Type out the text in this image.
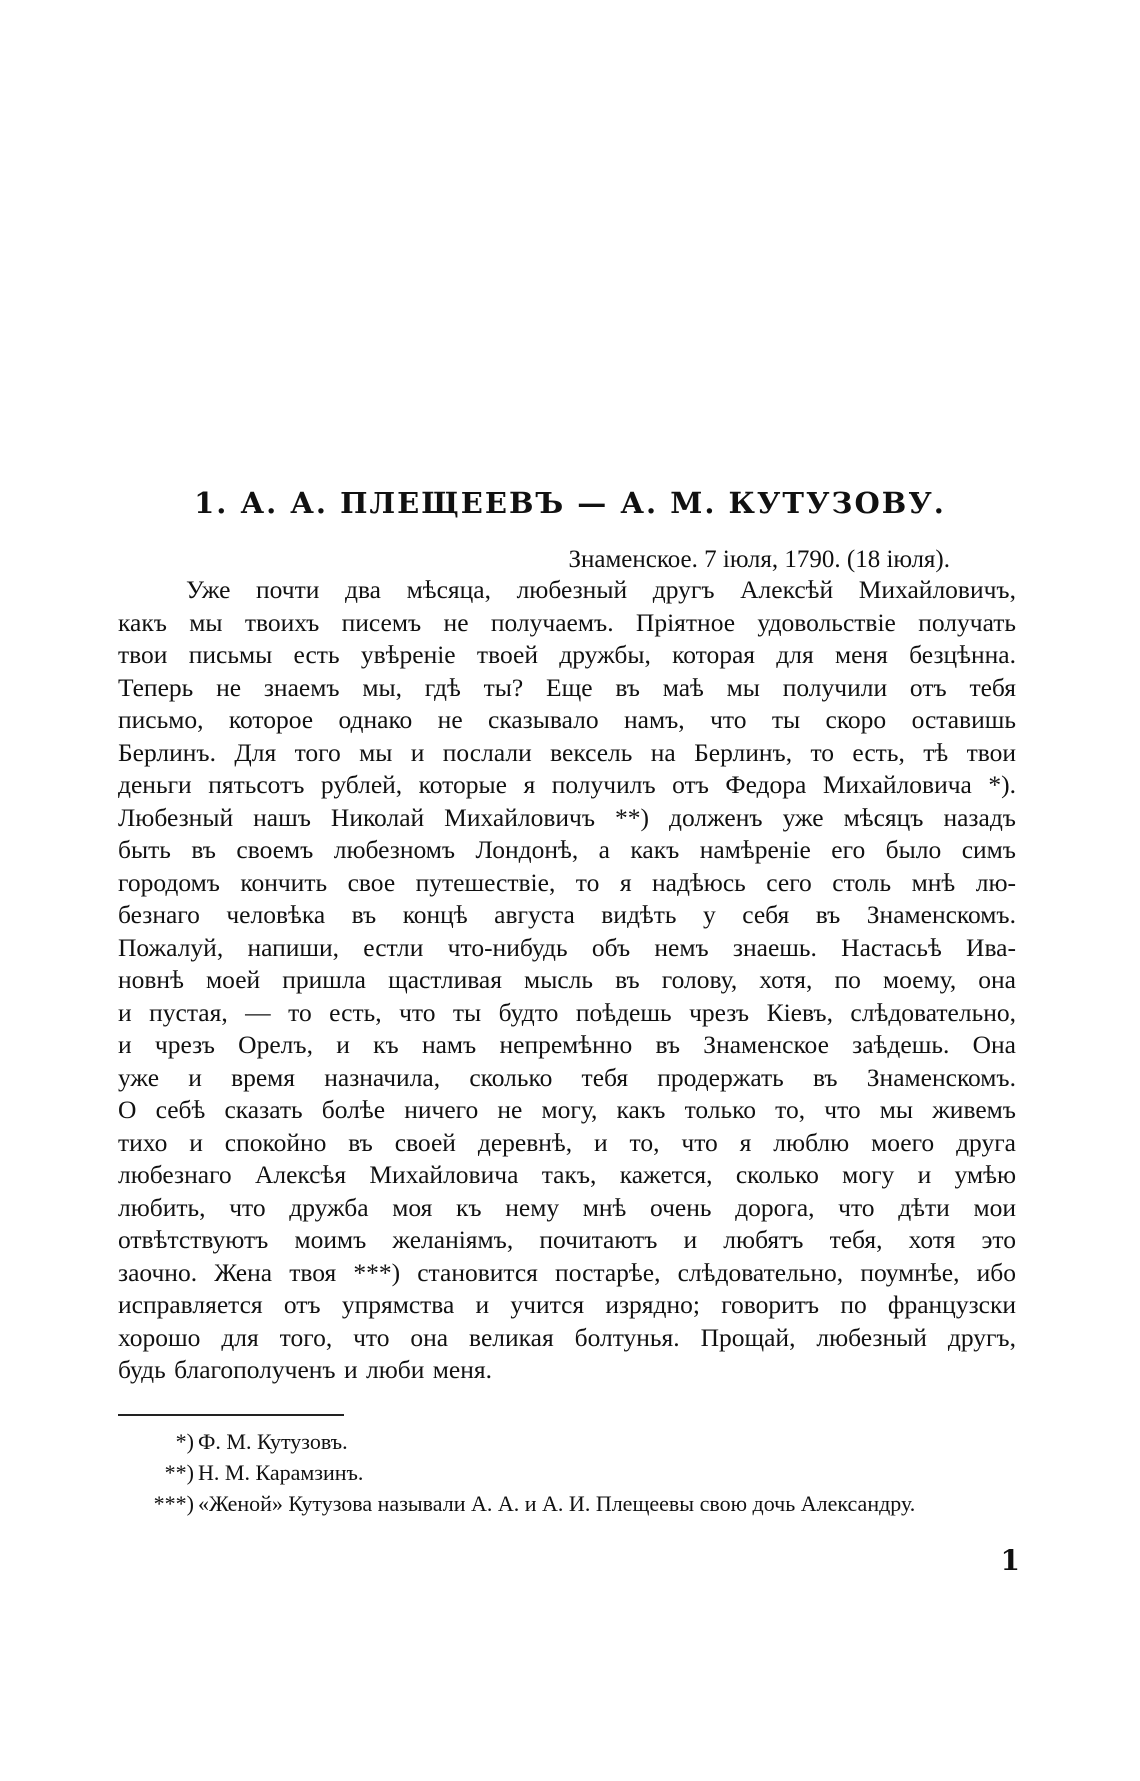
1. А. А. ПЛЕЩЕЕВЪ — А. М. КУТУЗОВУ.
Знаменское. 7 іюля, 1790. (18 іюля).
Уже почти два мѣсяца, любезный другъ Алексѣй Михайловичъ,
какъ мы твоихъ писемъ не получаемъ. Пріятное удовольствіе получать
твои письмы есть увѣреніе твоей дружбы, которая для меня безцѣнна.
Теперь не знаемъ мы, гдѣ ты? Еще въ маѣ мы получили отъ тебя
письмо, которое однако не сказывало намъ, что ты скоро оставишь
Берлинъ. Для того мы и послали вексель на Берлинъ, то есть, тѣ твои
деньги пятьсотъ рублей, которые я получилъ отъ Федора Михайловича *).
Любезный нашъ Николай Михайловичъ **) долженъ уже мѣсяцъ назадъ
быть въ своемъ любезномъ Лондонѣ, а какъ намѣреніе его было симъ
городомъ кончить свое путешествіе, то я надѣюсь сего столь мнѣ лю-
безнаго человѣка въ концѣ августа видѣть у себя въ Знаменскомъ.
Пожалуй, напиши, естли что-нибудь объ немъ знаешь. Настасьѣ Ива-
новнѣ моей пришла щастливая мысль въ голову, хотя, по моему, она
и пустая, — то есть, что ты будто поѣдешь чрезъ Кіевъ, слѣдовательно,
и чрезъ Орелъ, и къ намъ непремѣнно въ Знаменское заѣдешь. Она
уже и время назначила, сколько тебя продержать въ Знаменскомъ.
О себѣ сказать болѣе ничего не могу, какъ только то, что мы живемъ
тихо и спокойно въ своей деревнѣ, и то, что я люблю моего друга
любезнаго Алексѣя Михайловича такъ, кажется, сколько могу и умѣю
любить, что дружба моя къ нему мнѣ очень дорога, что дѣти мои
отвѣтствуютъ моимъ желаніямъ, почитаютъ и любятъ тебя, хотя это
заочно. Жена твоя ***) становится постарѣе, слѣдовательно, поумнѣе, ибо
исправляется отъ упрямства и учится изрядно; говоритъ по французски
хорошо для того, что она великая болтунья. Прощай, любезный другъ,
будь благополученъ и люби меня.
*) Ф. М. Кутузовъ.
**) Н. М. Карамзинъ.
***) «Женой» Кутузова называли А. А. и А. И. Плещеевы свою дочь Александру.
1
